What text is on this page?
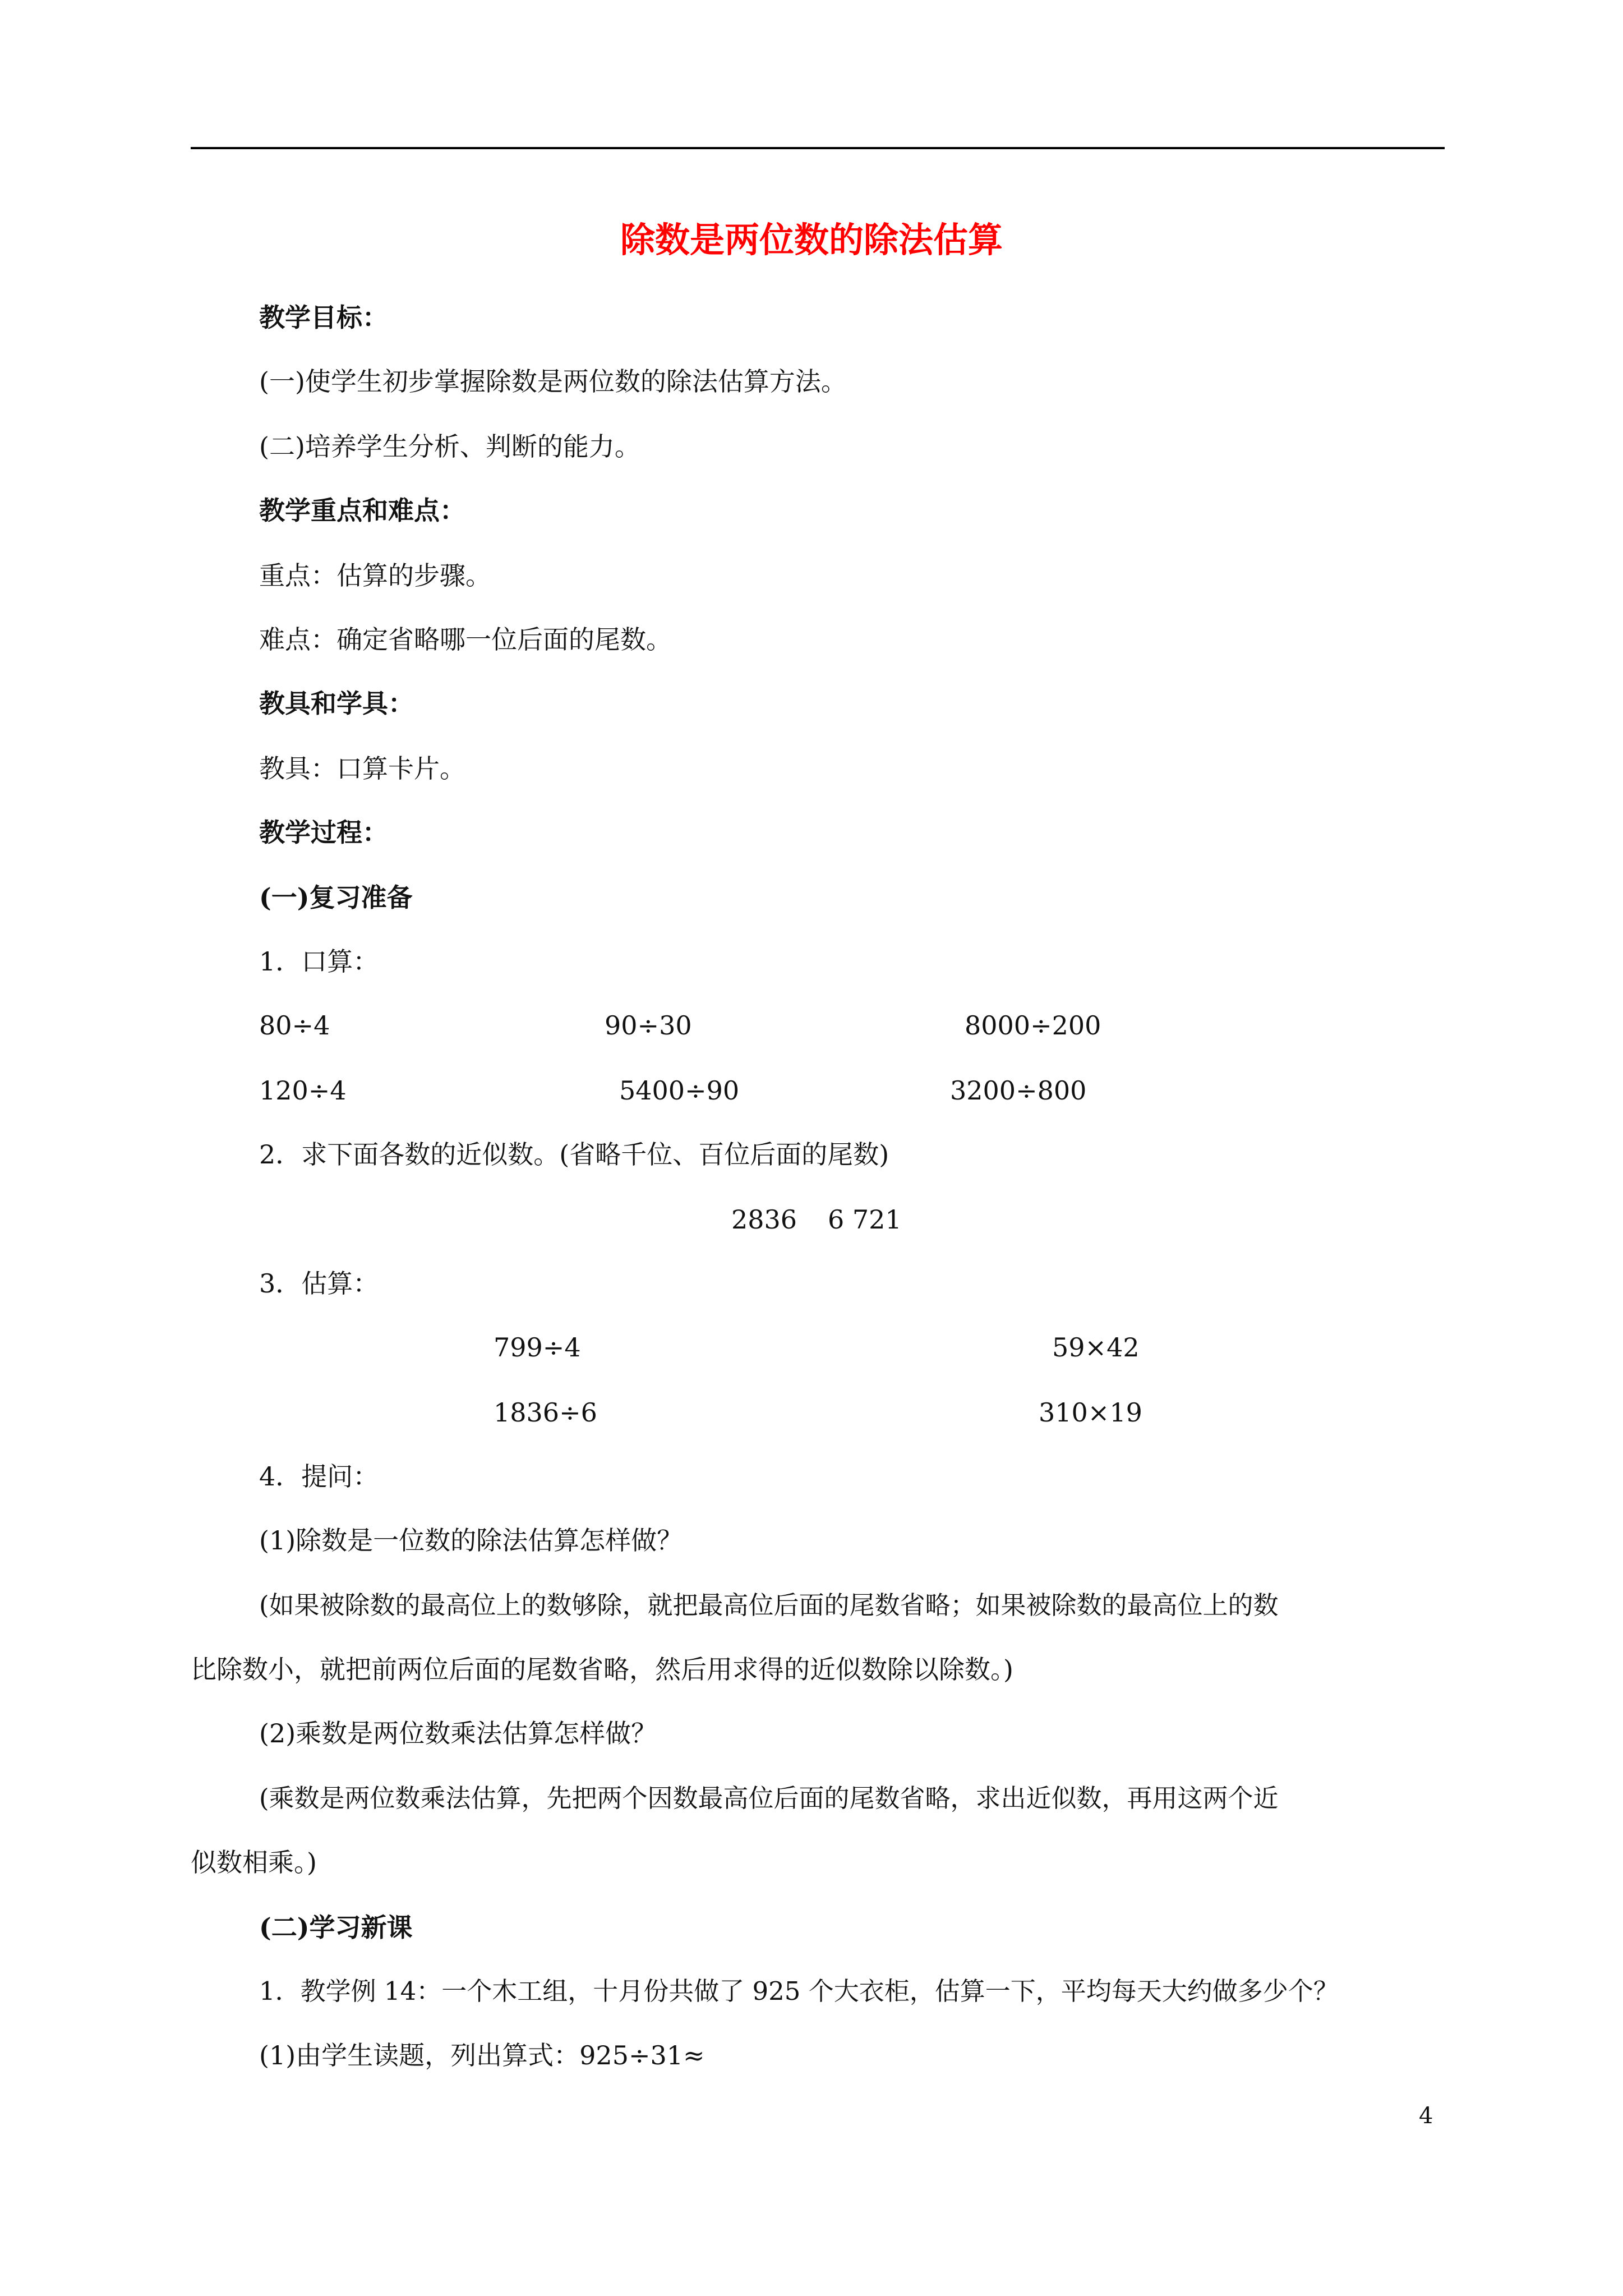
除数是两位数的除法估算
教学目标：
(一)使学生初步掌握除数是两位数的除法估算方法。
(二)培养学生分析、判断的能力。
教学重点和难点：
重点：估算的步骤。
难点：确定省略哪一位后面的尾数。
教具和学具：
教具：口算卡片。
教学过程：
(一)复习准备
1．口算：
80÷4	90÷30	8000÷200
120÷4	5400÷90	3200÷800
2．求下面各数的近似数。(省略千位、百位后面的尾数)
2836 6 721
3．估算：
799÷4	59×42
1836÷6	310×19
4．提问：
(1)除数是一位数的除法估算怎样做？
(如果被除数的最高位上的数够除，就把最高位后面的尾数省略；如果被除数的最高位上的数
比除数小，就把前两位后面的尾数省略，然后用求得的近似数除以除数。)
(2)乘数是两位数乘法估算怎样做？
(乘数是两位数乘法估算，先把两个因数最高位后面的尾数省略，求出近似数，再用这两个近
似数相乘。)
(二)学习新课
1．教学例 14：一个木工组，十月份共做了 925 个大衣柜，估算一下，平均每天大约做多少个？
(1)由学生读题，列出算式：925÷31≈
4
